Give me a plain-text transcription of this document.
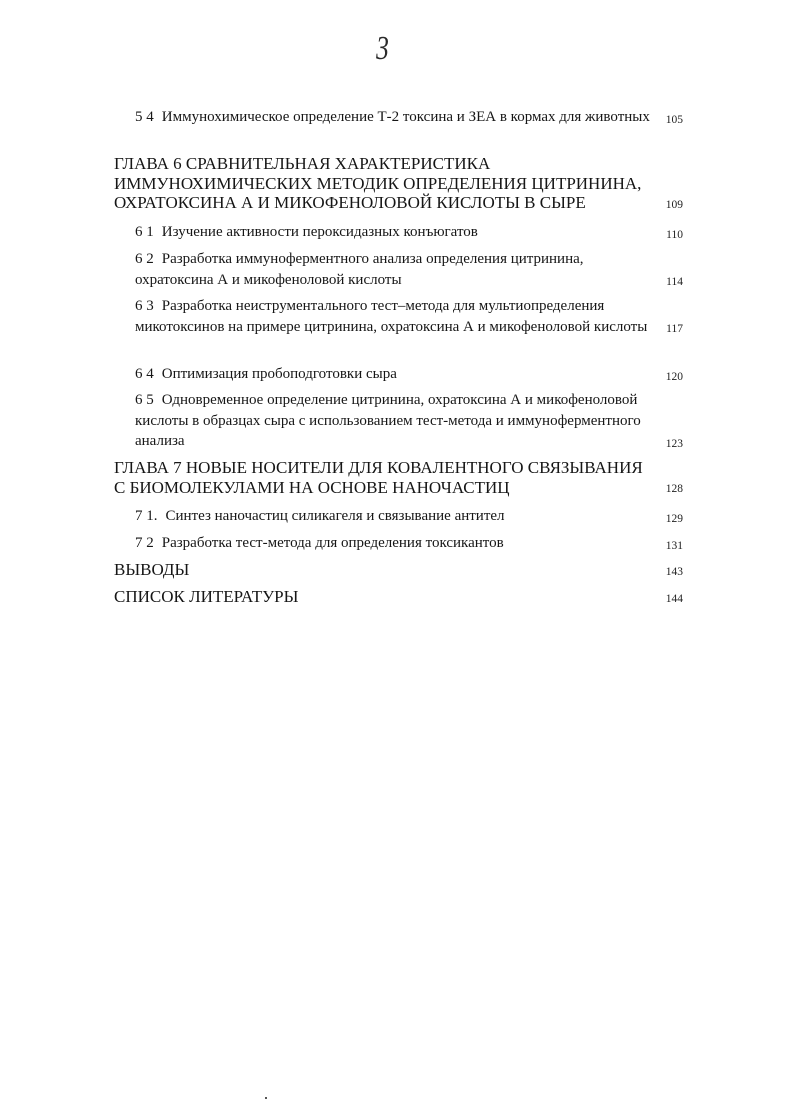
3
5 4 Иммунохимическое определение Т-2 токсина и ЗЕА в кормах для животных	105
ГЛАВА 6 СРАВНИТЕЛЬНАЯ ХАРАКТЕРИСТИКА ИММУНОХИМИЧЕСКИХ МЕТОДИК ОПРЕДЕЛЕНИЯ ЦИТРИНИНА, ОХРАТОКСИНА А И МИКОФЕНОЛОВОЙ КИСЛОТЫ В СЫРЕ	109
6 1 Изучение активности пероксидазных конъюгатов	110
6 2 Разработка иммуноферментного анализа определения цитринина, охратоксина А и микофеноловой кислоты	114
6 3 Разработка неиструментального тест–метода для мультиопределения микотоксинов на примере цитринина, охратоксина А и микофеноловой кислоты	117
6 4 Оптимизация пробоподготовки сыра	120
6 5 Одновременное определение цитринина, охратоксина А и микофеноловой кислоты в образцах сыра с использованием тест-метода и иммуноферментного анализа	123
ГЛАВА 7 НОВЫЕ НОСИТЕЛИ ДЛЯ КОВАЛЕНТНОГО СВЯЗЫВАНИЯ С БИОМОЛЕКУЛАМИ НА ОСНОВЕ НАНОЧАСТИЦ	128
7 1. Синтез наночастиц силикагеля и связывание антител	129
7 2 Разработка тест-метода для определения токсикантов	131
ВЫВОДЫ	143
СПИСОК ЛИТЕРАТУРЫ	144
